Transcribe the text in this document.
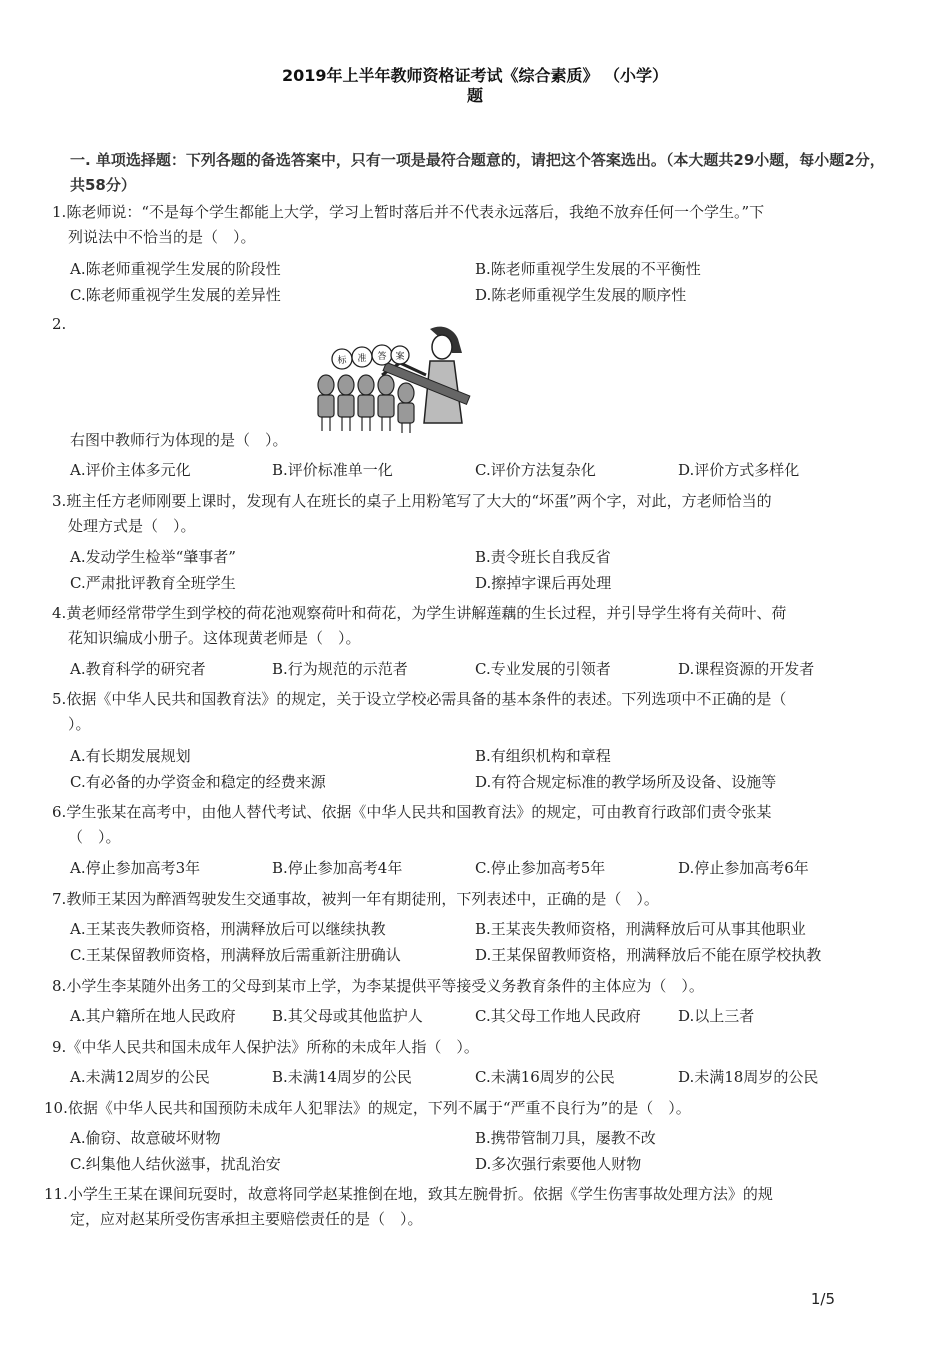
2019年上半年教师资格证考试《综合素质》 （小学）
题
一. 单项选择题：下列各题的备选答案中，只有一项是最符合题意的，请把这个答案选出。（本大题共29小题，每小题2分，共58分）
1.陈老师说：“不是每个学生都能上大学，学习上暂时落后并不代表永远落后，我绝不放弃任何一个学生。”下
列说法中不恰当的是（　）。
A.陈老师重视学生发展的阶段性	B.陈老师重视学生发展的不平衡性
C.陈老师重视学生发展的差异性	D.陈老师重视学生发展的顺序性
2.
标 准 答 案
右图中教师行为体现的是（　）。
A.评价主体多元化	B.评价标准单一化	C.评价方法复杂化	D.评价方式多样化
3.班主任方老师刚要上课时，发现有人在班长的桌子上用粉笔写了大大的“坏蛋”两个字，对此，方老师恰当的
处理方式是（　）。
A.发动学生检举“肇事者”	B.责令班长自我反省
C.严肃批评教育全班学生	D.擦掉字课后再处理
4.黄老师经常带学生到学校的荷花池观察荷叶和荷花，为学生讲解莲藕的生长过程，并引导学生将有关荷叶、荷
花知识编成小册子。这体现黄老师是（　）。
A.教育科学的研究者	B.行为规范的示范者	C.专业发展的引领者	D.课程资源的开发者
5.依据《中华人民共和国教育法》的规定，关于设立学校必需具备的基本条件的表述。下列选项中不正确的是（
）。
A.有长期发展规划	B.有组织机构和章程
C.有必备的办学资金和稳定的经费来源	D.有符合规定标准的教学场所及设备、设施等
6.学生张某在高考中，由他人替代考试、依据《中华人民共和国教育法》的规定，可由教育行政部们责令张某
（　）。
A.停止参加高考3年	B.停止参加高考4年	C.停止参加高考5年	D.停止参加高考6年
7.教师王某因为醉酒驾驶发生交通事故，被判一年有期徒刑，下列表述中，正确的是（　）。
A.王某丧失教师资格，刑满释放后可以继续执教	B.王某丧失教师资格，刑满释放后可从事其他职业
C.王某保留教师资格，刑满释放后需重新注册确认	D.王某保留教师资格，刑满释放后不能在原学校执教
8.小学生李某随外出务工的父母到某市上学，为李某提供平等接受义务教育条件的主体应为（　）。
A.其户籍所在地人民政府 B.其父母或其他监护人	C.其父母工作地人民政府 D.以上三者
9.《中华人民共和国未成年人保护法》所称的未成年人指（　）。
A.未满12周岁的公民	B.未满14周岁的公民	C.未满16周岁的公民	D.未满18周岁的公民
10.依据《中华人民共和国预防未成年人犯罪法》的规定，下列不属于“严重不良行为”的是（　）。
A.偷窃、故意破坏财物	B.携带管制刀具，屡教不改
C.纠集他人结伙滋事，扰乱治安	D.多次强行索要他人财物
11.小学生王某在课间玩耍时，故意将同学赵某推倒在地，致其左腕骨折。依据《学生伤害事故处理方法》的规
定，应对赵某所受伤害承担主要赔偿责任的是（　）。
1/5
